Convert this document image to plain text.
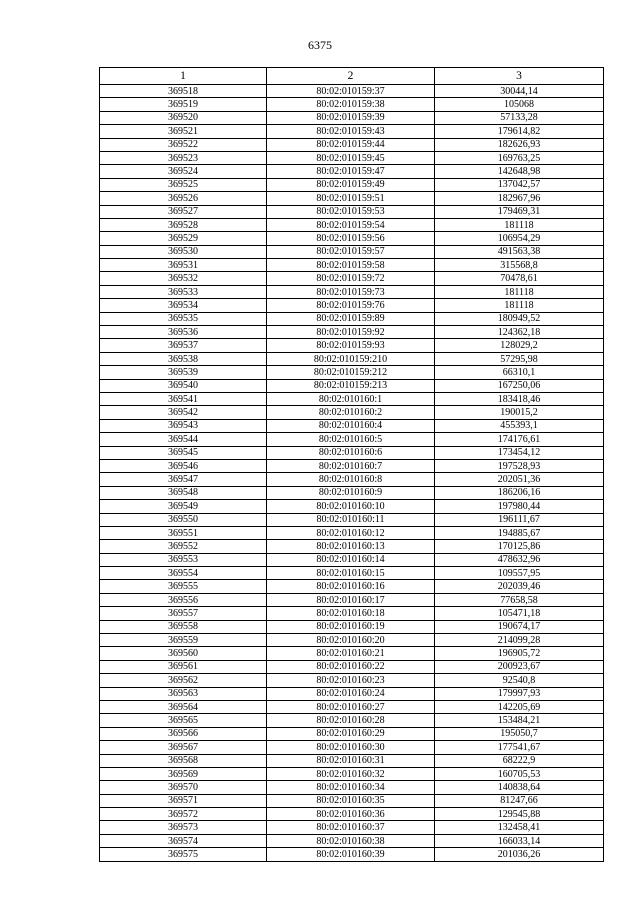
6375
1	2	3
369518	80:02:010159:37	30044,14
369519	80:02:010159:38	105068
369520	80:02:010159:39	57133,28
369521	80:02:010159:43	179614,82
369522	80:02:010159:44	182626,93
369523	80:02:010159:45	169763,25
369524	80:02:010159:47	142648,98
369525	80:02:010159:49	137042,57
369526	80:02:010159:51	182967,96
369527	80:02:010159:53	179469,31
369528	80:02:010159:54	181118
369529	80:02:010159:56	106954,29
369530	80:02:010159:57	491563,38
369531	80:02:010159:58	315568,8
369532	80:02:010159:72	70478,61
369533	80:02:010159:73	181118
369534	80:02:010159:76	181118
369535	80:02:010159:89	180949,52
369536	80:02:010159:92	124362,18
369537	80:02:010159:93	128029,2
369538	80:02:010159:210	57295,98
369539	80:02:010159:212	66310,1
369540	80:02:010159:213	167250,06
369541	80:02:010160:1	183418,46
369542	80:02:010160:2	190015,2
369543	80:02:010160:4	455393,1
369544	80:02:010160:5	174176,61
369545	80:02:010160:6	173454,12
369546	80:02:010160:7	197528,93
369547	80:02:010160:8	202051,36
369548	80:02:010160:9	186206,16
369549	80:02:010160:10	197980,44
369550	80:02:010160:11	196111,67
369551	80:02:010160:12	194885,67
369552	80:02:010160:13	170125,86
369553	80:02:010160:14	478632,96
369554	80:02:010160:15	109557,95
369555	80:02:010160:16	202039,46
369556	80:02:010160:17	77658,58
369557	80:02:010160:18	105471,18
369558	80:02:010160:19	190674,17
369559	80:02:010160:20	214099,28
369560	80:02:010160:21	196905,72
369561	80:02:010160:22	200923,67
369562	80:02:010160:23	92540,8
369563	80:02:010160:24	179997,93
369564	80:02:010160:27	142205,69
369565	80:02:010160:28	153484,21
369566	80:02:010160:29	195050,7
369567	80:02:010160:30	177541,67
369568	80:02:010160:31	68222,9
369569	80:02:010160:32	160705,53
369570	80:02:010160:34	140838,64
369571	80:02:010160:35	81247,66
369572	80:02:010160:36	129545,88
369573	80:02:010160:37	132458,41
369574	80:02:010160:38	166033,14
369575	80:02:010160:39	201036,26
